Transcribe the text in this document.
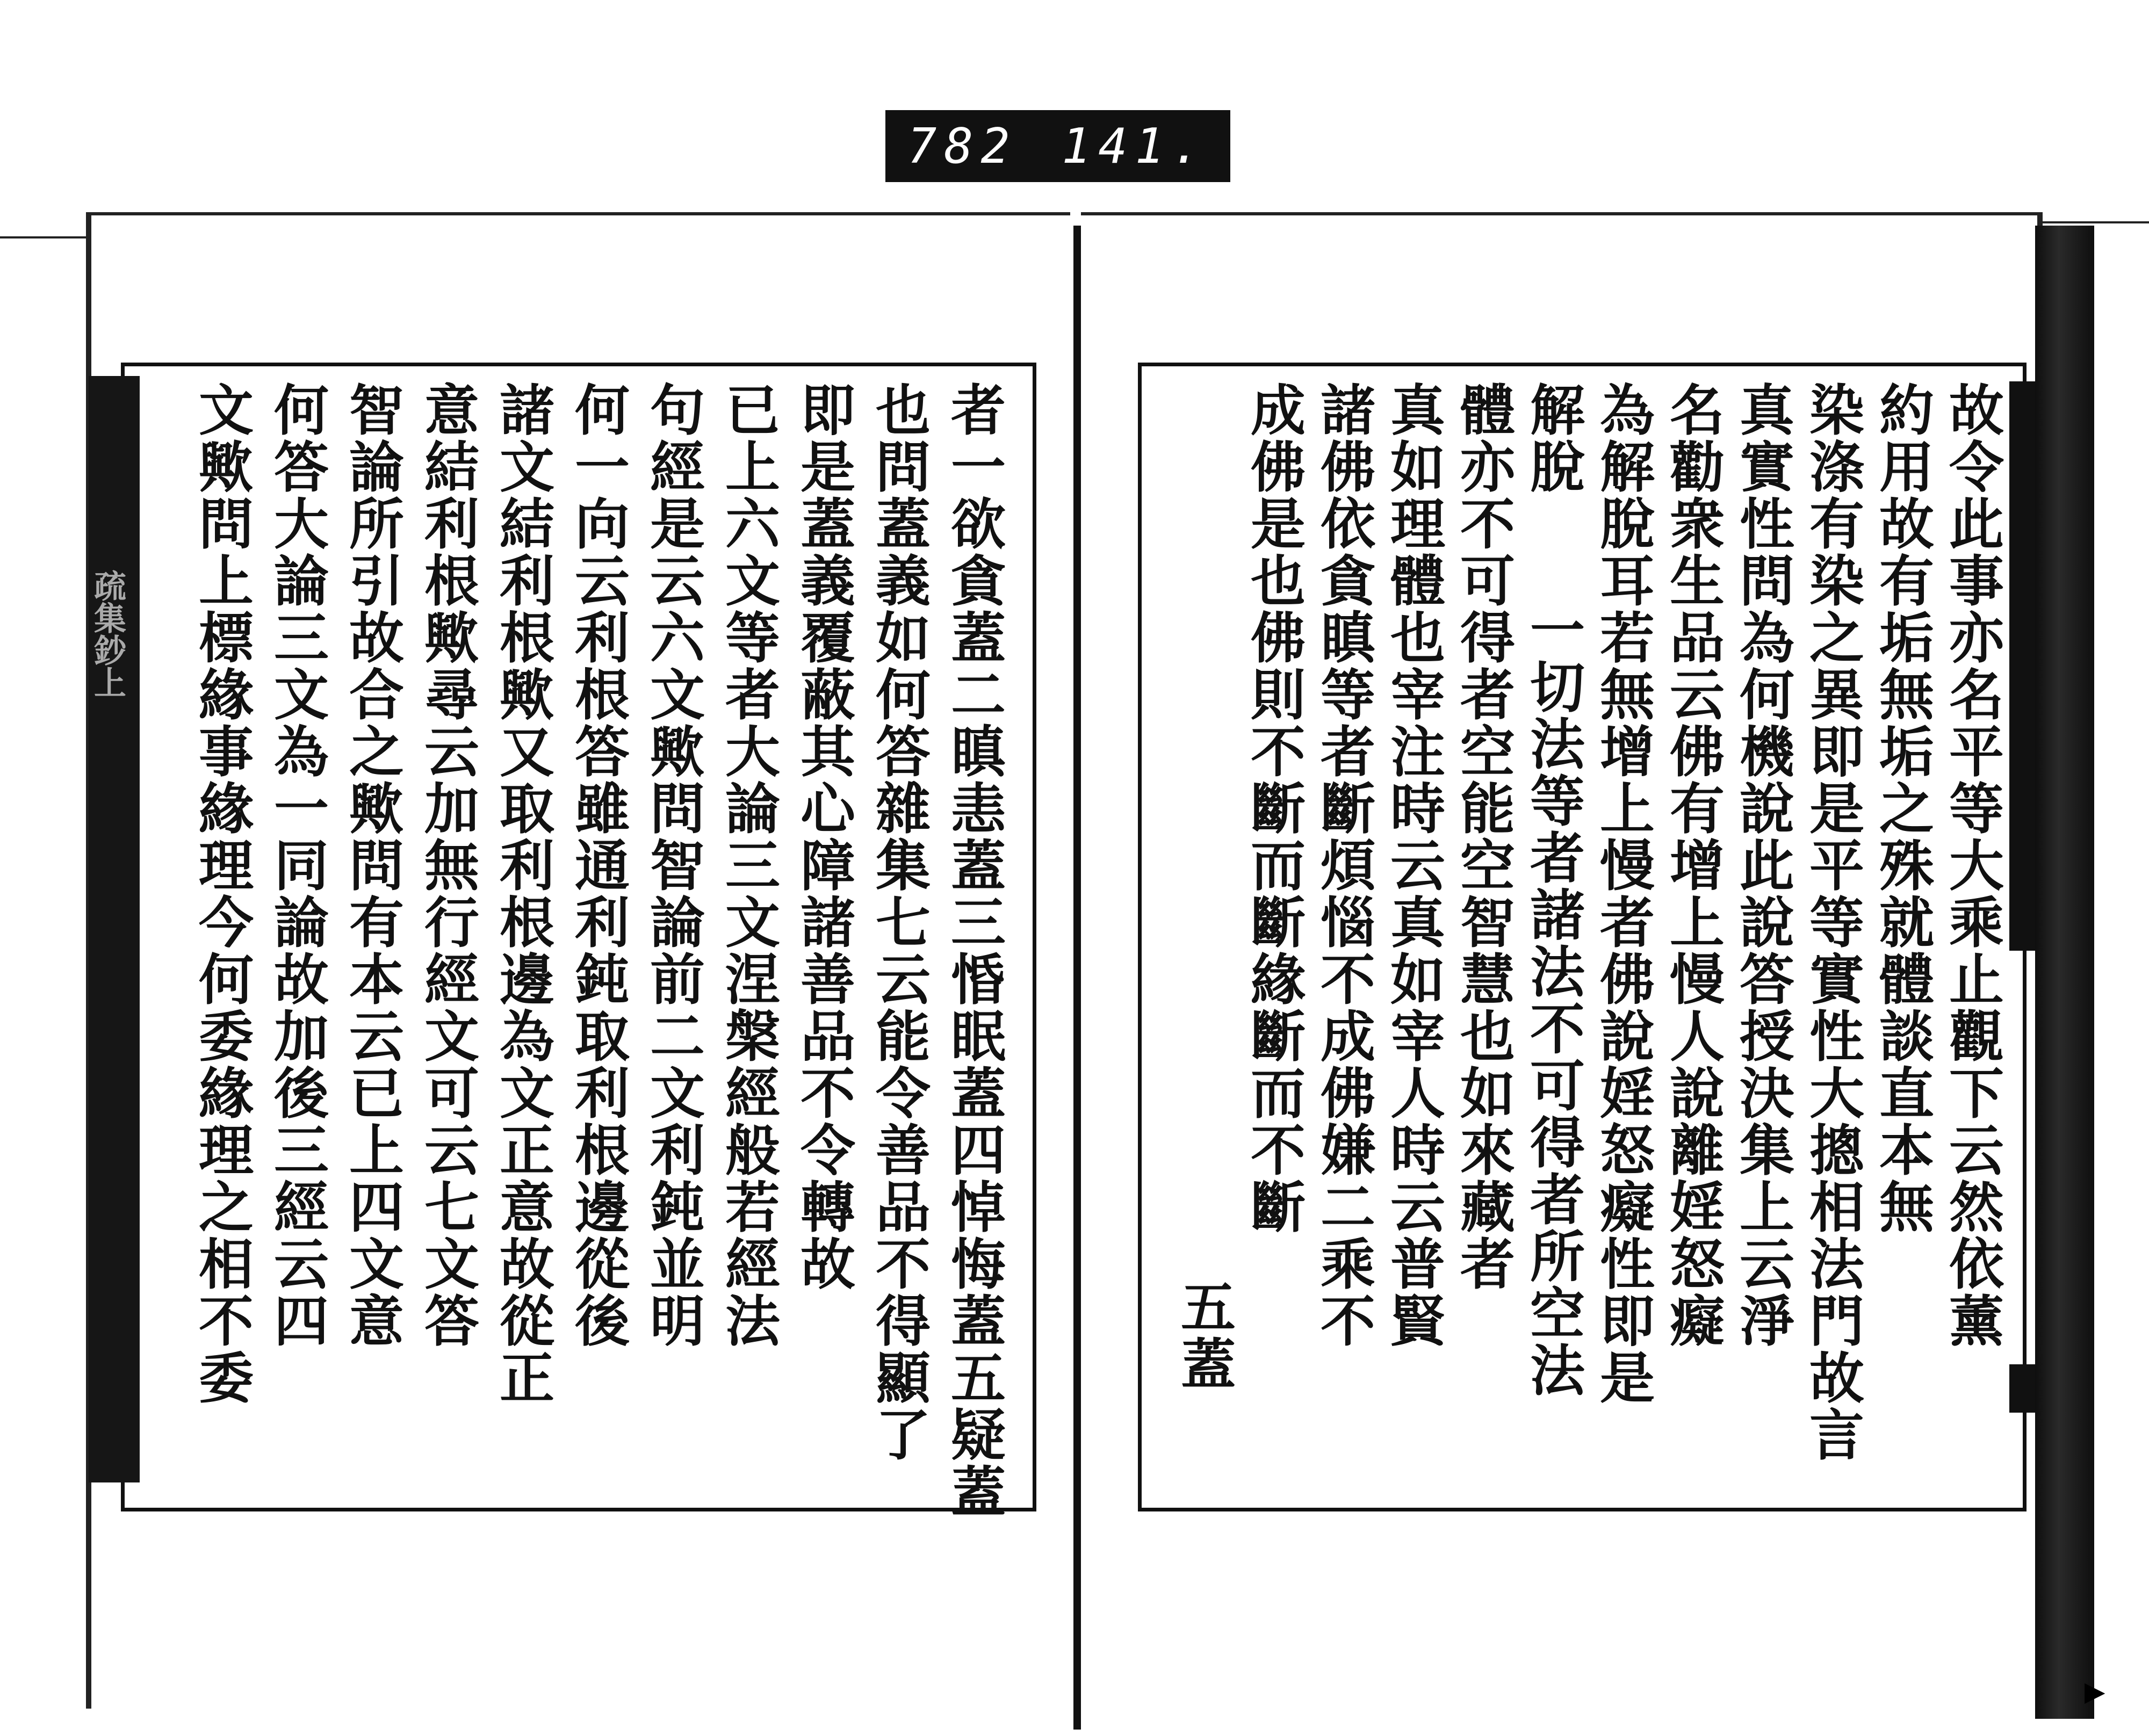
782 141.
疏集鈔上	者一欲貪蓋二瞋恚蓋三惛眠蓋四悼悔蓋五疑蓋
也問蓋義如何答雜集七云能令善品不得顯了
即是蓋義覆蔽其心障諸善品不令轉故
已上六文等者大論三文涅槃經般若經法
句經是云六文歟問智論前二文利鈍並明
何一向云利根答雖通利鈍取利根邊從後
諸文結利根歟又取利根邊為文正意故從正
意結利根歟尋云加無行經文可云七文答
智論所引故合之歟問有本云已上四文意
何答大論三文為一同論故加後三經云四
文歟問上標緣事緣理今何委緣理之相不委	故令此事亦名平等大乘止觀下云然依薰
約用故有垢無垢之殊就體談直本無
染涤有染之異即是平等實性大摠相法門故言
真實性問為何機說此說答授決集上云淨
名勸衆生品云佛有增上慢人說離婬怒癡
為解脫耳若無增上慢者佛說婬怒癡性即是
解脫
一切法等者諸法不可得者所空法
體亦不可得者空能空智慧也如來藏者
真如理體也宰注時云真如宰人時云普賢
諸佛依貪瞋等者斷煩惱不成佛嫌二乘不
成佛是也佛則不斷而斷緣斷而不斷
五蓋
▶
